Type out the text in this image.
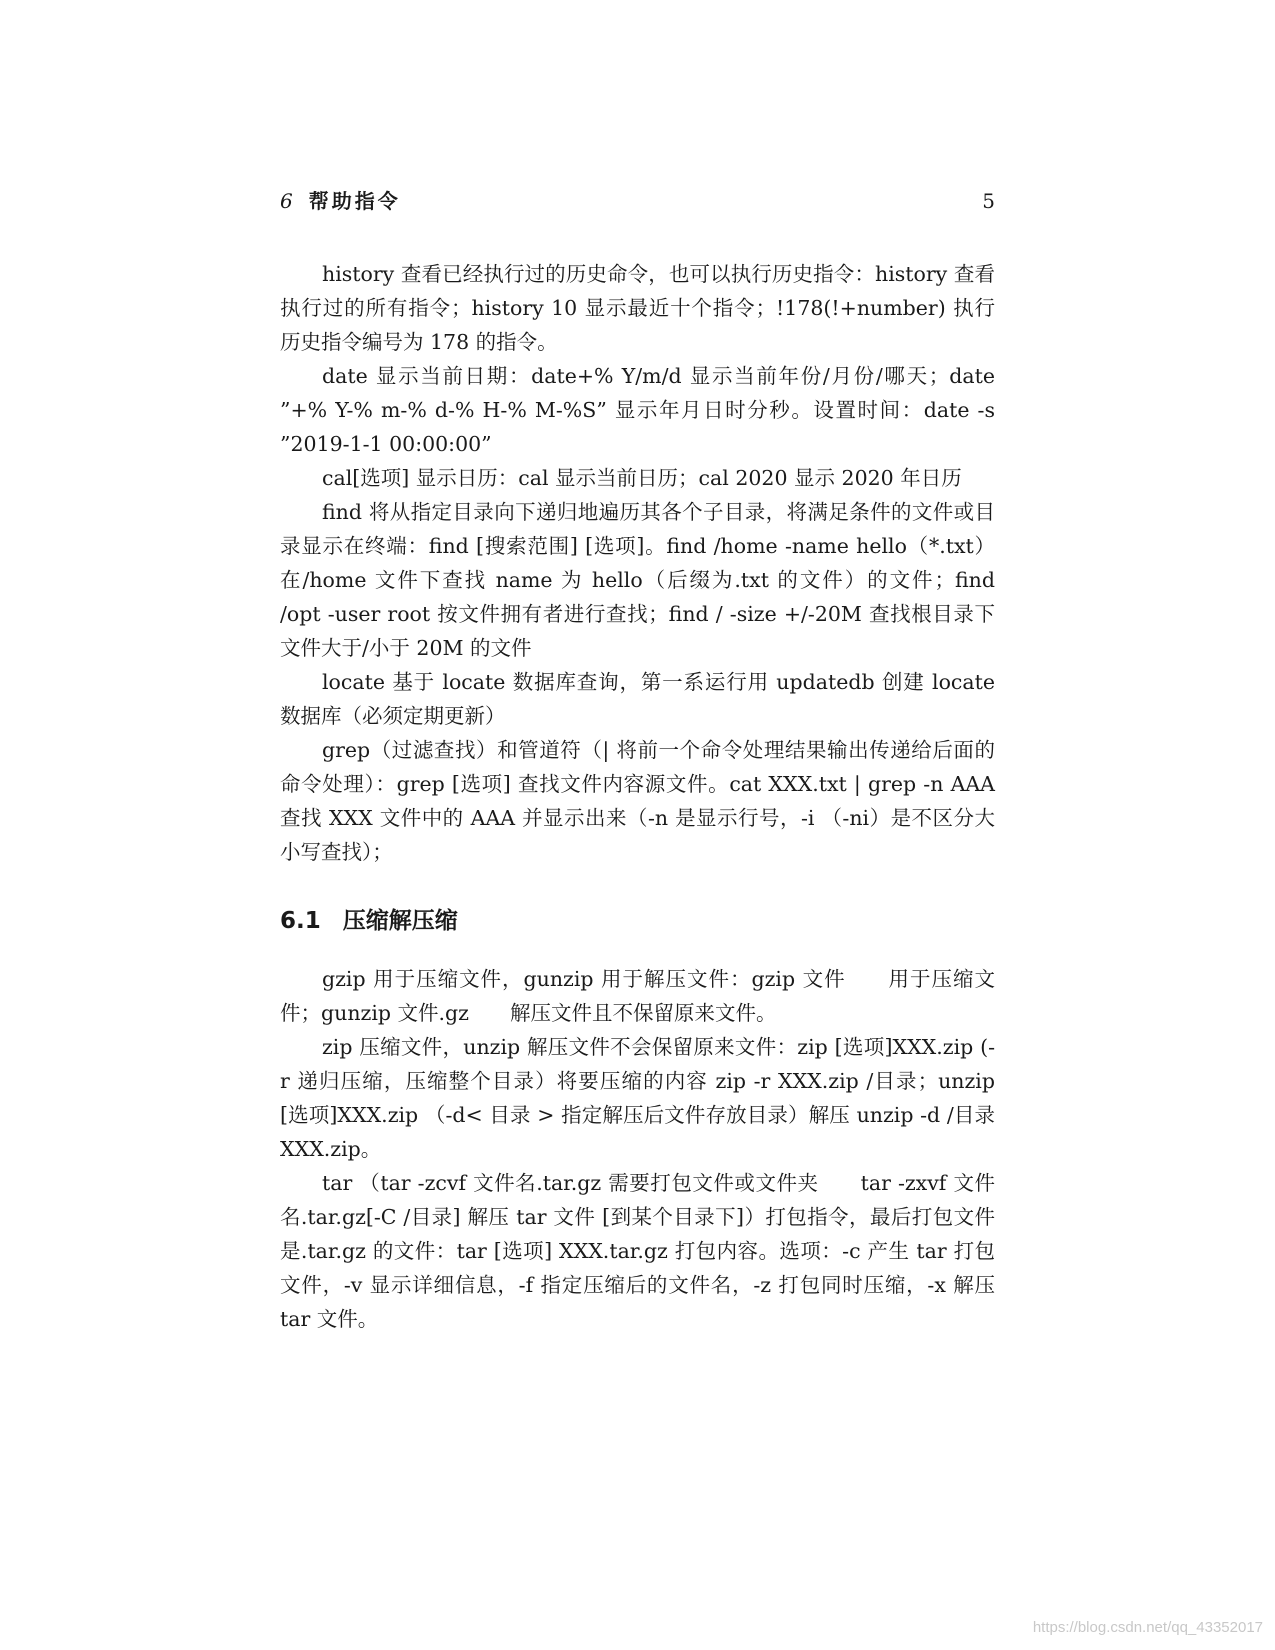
6 帮助指令	5

history 查看已经执行过的历史命令，也可以执行历史指令：history 查看执行过的所有指令；history 10 显示最近十个指令；!178(!+number) 执行历史指令编号为 178 的指令。

date 显示当前日期：date+% Y/m/d 显示当前年份/月份/哪天；date ”+% Y-% m-% d-% H-% M-%S” 显示年月日时分秒。设置时间：date -s ”2019-1-1 00:00:00”

cal[选项] 显示日历：cal 显示当前日历；cal 2020 显示 2020 年日历

find 将从指定目录向下递归地遍历其各个子目录，将满足条件的文件或目录显示在终端：find [搜索范围] [选项]。find /home -name hello（*.txt）在/home 文件下查找 name 为 hello（后缀为.txt 的文件）的文件；find /opt -user root 按文件拥有者进行查找；find / -size +/-20M 查找根目录下文件大于/小于 20M 的文件

locate 基于 locate 数据库查询，第一系运行用 updatedb 创建 locate 数据库（必须定期更新）

grep（过滤查找）和管道符（| 将前一个命令处理结果输出传递给后面的命令处理）：grep [选项] 查找文件内容源文件。cat XXX.txt | grep -n AAA 查找 XXX 文件中的 AAA 并显示出来（-n 是显示行号，-i （-ni）是不区分大小写查找）；

6.1 压缩解压缩

gzip 用于压缩文件，gunzip 用于解压文件：gzip 文件　　用于压缩文件；gunzip 文件.gz　　解压文件且不保留原来文件。

zip 压缩文件，unzip 解压文件不会保留原来文件：zip [选项]XXX.zip (-r 递归压缩，压缩整个目录）将要压缩的内容 zip -r XXX.zip /目录；unzip [选项]XXX.zip （-d< 目录 > 指定解压后文件存放目录）解压 unzip -d /目录 XXX.zip。

tar （tar -zcvf 文件名.tar.gz 需要打包文件或文件夹　　tar -zxvf 文件名.tar.gz[-C /目录] 解压 tar 文件 [到某个目录下]）打包指令，最后打包文件是.tar.gz 的文件：tar [选项] XXX.tar.gz 打包内容。选项：-c 产生 tar 打包文件，-v 显示详细信息，-f 指定压缩后的文件名，-z 打包同时压缩，-x 解压 tar 文件。

https://blog.csdn.net/qq_43352017
